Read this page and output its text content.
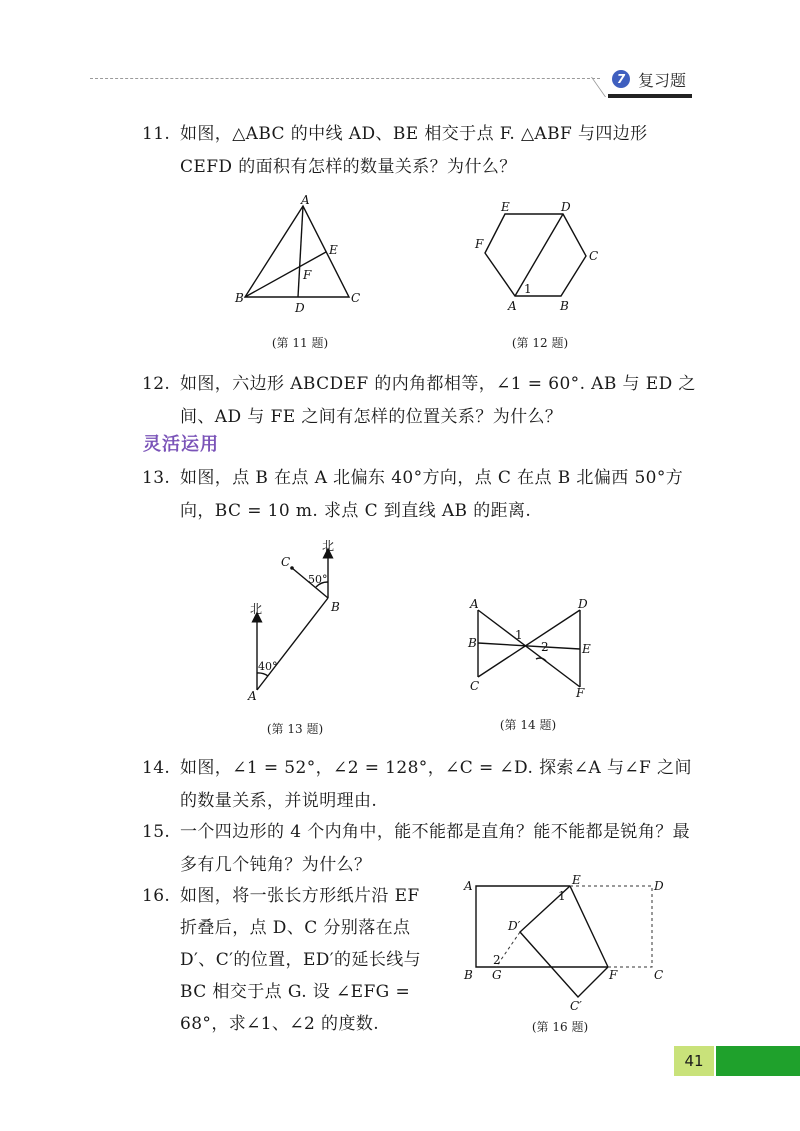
7 复习题
11. 如图，△ABC 的中线 AD、BE 相交于点 F. △ABF 与四边形 CEFD 的面积有怎样的数量关系？为什么？
A
B	C
D
E
F
(第 11 题)
A	B
C
D
E
F
1
(第 12 题)
12. 如图，六边形 ABCDEF 的内角都相等，∠1 = 60°. AB 与 ED 之间、AD 与 FE 之间有怎样的位置关系？为什么？
灵活运用
13. 如图，点 B 在点 A 北偏东 40°方向，点 C 在点 B 北偏西 50°方向，BC = 10 m. 求点 C 到直线 AB 的距离.
A
B
C
北
北
40°
50°
(第 13 题)
A
B
C
D
E
F
1
2
(第 14 题)
14. 如图，∠1 = 52°，∠2 = 128°，∠C = ∠D. 探索∠A 与∠F 之间的数量关系，并说明理由.
15. 一个四边形的 4 个内角中，能不能都是直角？能不能都是锐角？最多有几个钝角？为什么？
16. 如图，将一张长方形纸片沿 EF 折叠后，点 D、C 分别落在点 D′、C′的位置，ED′的延长线与 BC 相交于点 G. 设 ∠EFG = 68°，求∠1、∠2 的度数.
A
B	C
D
E
F
G
D′
C′
1
2
(第 16 题)
41
